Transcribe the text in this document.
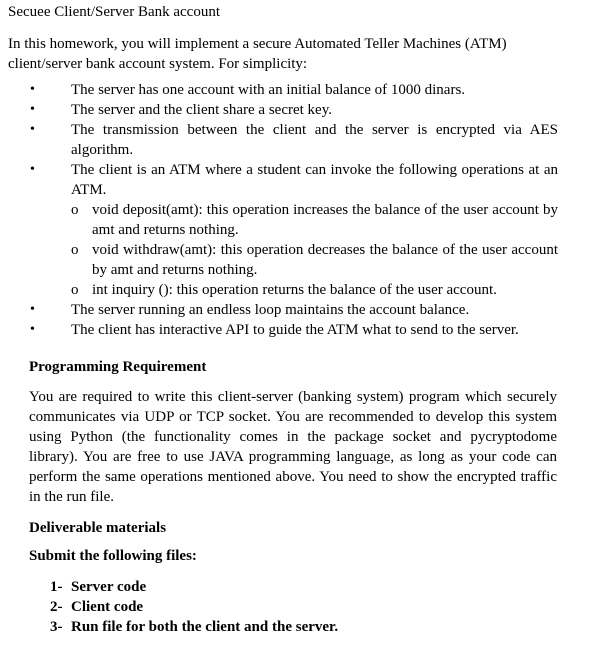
Secuee Client/Server Bank account
In this homework, you will implement a secure Automated Teller Machines (ATM) client/server bank account system. For simplicity:
• The server has one account with an initial balance of 1000 dinars.
• The server and the client share a secret key.
• The transmission between the client and the server is encrypted via AES algorithm.
• The client is an ATM where a student can invoke the following operations at an ATM.
o void deposit(amt): this operation increases the balance of the user account by amt and returns nothing.
o void withdraw(amt): this operation decreases the balance of the user account by amt and returns nothing.
o int inquiry (): this operation returns the balance of the user account.
• The server running an endless loop maintains the account balance.
• The client has interactive API to guide the ATM what to send to the server.
Programming Requirement
You are required to write this client-server (banking system) program which securely communicates via UDP or TCP socket. You are recommended to develop this system using Python (the functionality comes in the package socket and pycryptodome library). You are free to use JAVA programming language, as long as your code can perform the same operations mentioned above. You need to show the encrypted traffic in the run file.
Deliverable materials
Submit the following files:
1- Server code
2- Client code
3- Run file for both the client and the server.
